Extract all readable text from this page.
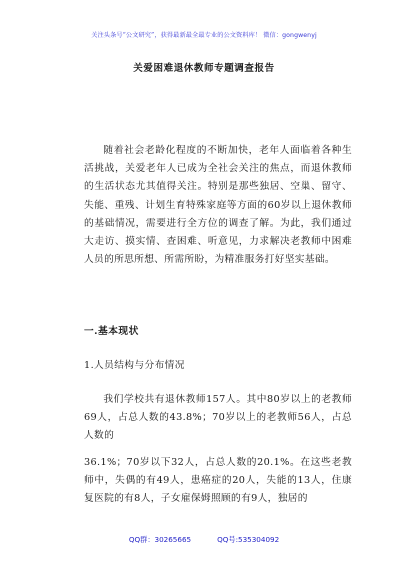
关注头条号“公文研究”，获得最新最全最专业的公文资料库！ 微信：gongwenyj
关爱困难退休教师专题调查报告

随着社会老龄化程度的不断加快，老年人面临着各种生活挑战，关爱老年人已成为全社会关注的焦点，而退休教师的生活状态尤其值得关注。特别是那些独居、空巢、留守、失能、重残、计划生育特殊家庭等方面的60岁以上退休教师的基础情况，需要进行全方位的调查了解。为此，我们通过大走访、摸实情、查困难、听意见，力求解决老教师中困难人员的所思所想、所需所盼，为精准服务打好坚实基础。

一.基本现状

1.人员结构与分布情况

我们学校共有退休教师157人。其中80岁以上的老教师69人，占总人数的43.8%；70岁以上的老教师56人，占总人数的

36.1%；70岁以下32人，占总人数的20.1%。在这些老教师中，失偶的有49人，患癌症的20人，失能的13人，住康复医院的有8人，子女雇保姆照顾的有9人，独居的

QQ群：30265665	QQ号:535304092
